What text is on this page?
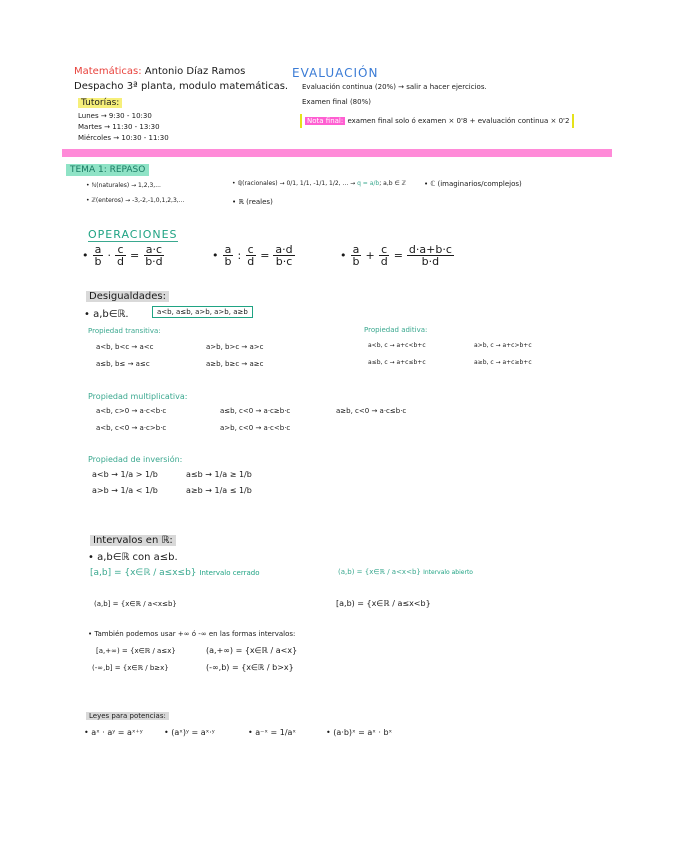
Matemáticas: Antonio Díaz Ramos
Despacho 3ª planta, modulo matemáticas.
Tutorías:
Lunes → 9:30 - 10:30
Martes → 11:30 - 13:30
Miércoles → 10:30 - 11:30
EVALUACIÓN
Evaluación continua (20%) → salir a hacer ejercicios.
Examen final (80%)
Nota final: examen final solo ó examen × 0'8 + evaluación continua × 0'2
TEMA 1: REPASO
• ℕ(naturales) → 1,2,3,...
• ℤ(enteros) → -3,-2,-1,0,1,2,3,...
• ℚ(racionales) → 0/1, 1/1, -1/1, 1/2, ... → q = a/b; a,b ∈ ℤ
• ℝ (reales)
• ℂ (imaginarios/complejos)
OPERACIONES
• $\frac{a}{b} \cdot \frac{c}{d} = \frac{a\cdot c}{b\cdot d}$	• $\frac{a}{b}$ : $\frac{c}{d} = \frac{a\cdot d}{b\cdot c}$	• $\frac{a}{b} + \frac{c}{d} = \frac{d\cdot a+b\cdot c}{b\cdot d}$
Desigualdades:
• a,b∈ℝ.	a<b, a≤b, a>b, a>b, a≥b
Propiedad transitiva:
a<b, b<c → a<c	a>b, b>c → a>c
a≤b, b≤ → a≤c	a≥b, b≥c → a≥c
Propiedad aditiva:
a<b, c → a+c<b+c	a>b, c → a+c>b+c
a≤b, c → a+c≤b+c	a≥b, c → a+c≥b+c
Propiedad multiplicativa:
a<b, c>0 → a·c<b·c	a≤b, c<0 → a·c≥b·c	a≥b, c<0 → a·c≤b·c
a<b, c<0 → a·c>b·c	a>b, c<0 → a·c<b·c
Propiedad de inversión:
a<b → 1/a > 1/b	a≤b → 1/a ≥ 1/b
a>b → 1/a < 1/b	a≥b → 1/a ≤ 1/b
Intervalos en ℝ:
• a,b∈ℝ con a≤b.
[a,b] = {x∈ℝ / a≤x≤b} Intervalo cerrado	(a,b) = {x∈ℝ / a<x<b} Intervalo abierto
(a,b] = {x∈ℝ / a<x≤b}	[a,b) = {x∈ℝ / a≤x<b}
• También podemos usar +∞ ó -∞ en las formas intervalos:
[a,+∞) = {x∈ℝ / a≤x}	(a,+∞) = {x∈ℝ / a<x}
(-∞,b] = {x∈ℝ / b≥x}	(-∞,b) = {x∈ℝ / b>x}
Leyes para potencias:
• aˣ · aʸ = aˣ⁺ʸ	• (aˣ)ʸ = aˣ·ʸ	• a⁻ˣ = 1/aˣ	• (a·b)ˣ = aˣ · bˣ
